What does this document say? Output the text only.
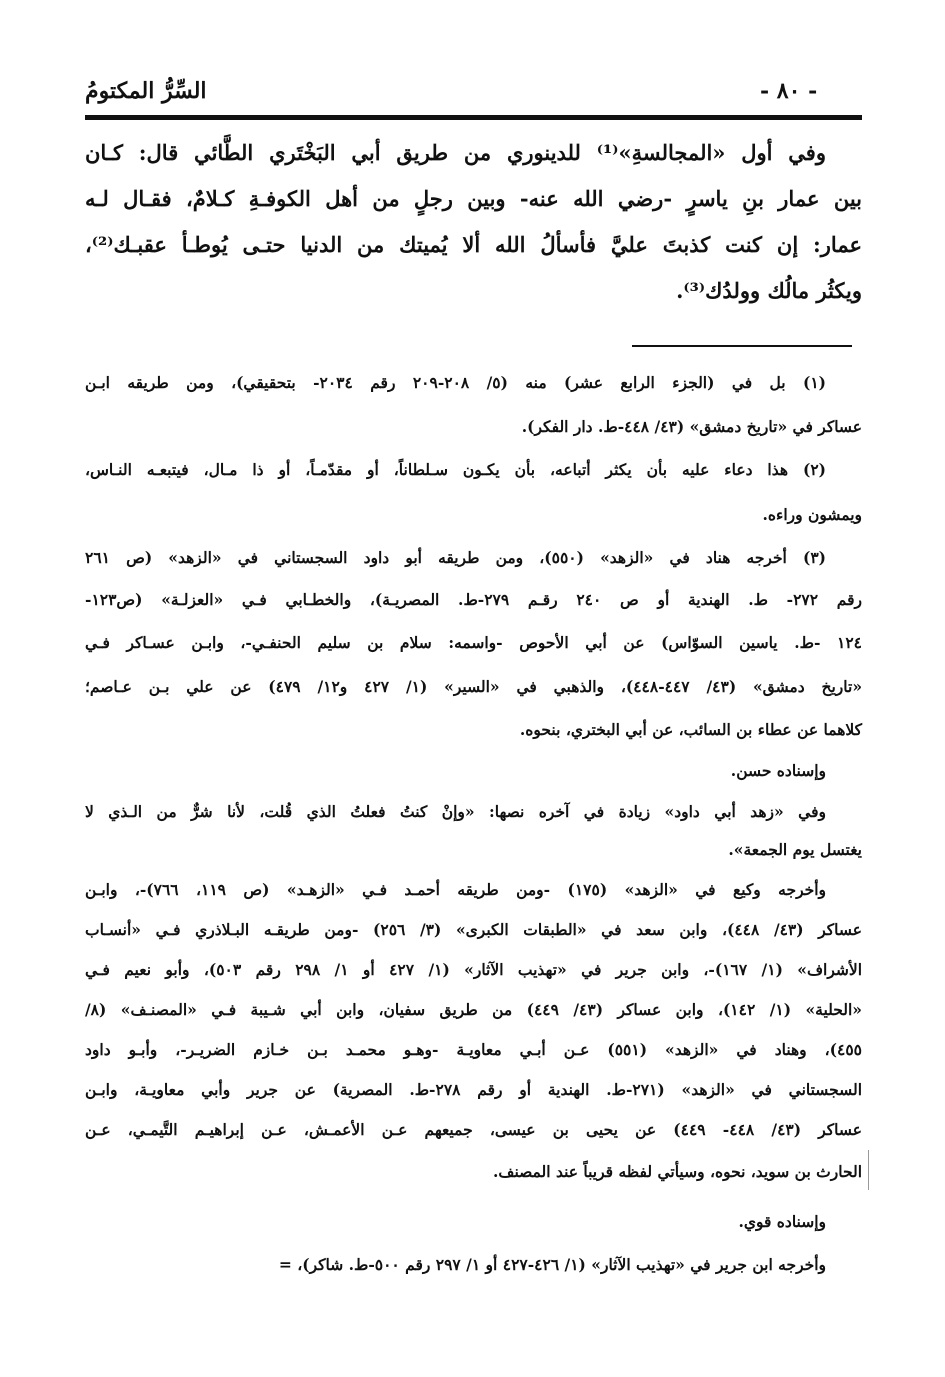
- ٨٠ -
السِّرُّ المكتومُ
وفي أول «المجالسةِ»⁽¹⁾ للدينوري من طريق أبي البَخْتَري الطَّائي قال: كـان
بين عمار بنِ ياسرٍ -رضي الله عنه- وبين رجلٍ من أهل الكوفـةِ كـلامٌ، فقـال لـه
عمار: إن كنت كذبتَ عليَّ فأسألُ الله ألا يُميتك من الدنيا حتـى يُوطـأ عقبـك⁽²⁾،
ويكثُر مالُك وولدُك⁽³⁾.
(١) بل في (الجزء الرابع عشر) منه (٥/ ٢٠٨-٢٠٩ رقم ٢٠٣٤- بتحقيقي)، ومن طريقه ابـن
عساكر في «تاريخ دمشق» (٤٣/ ٤٤٨-ط. دار الفكر).
(٢) هذا دعاء عليه بأن يكثر أتباعه، بأن يكـون سـلطاناً، أو مقدّمـاً، أو ذا مـال، فيتبعـه النـاس،
ويمشون وراءه.
(٣) أخرجه هناد في «الزهد» (٥٥٠)، ومن طريقه أبو داود السجستاني في «الزهد» (ص ٢٦١
رقم ٢٧٢- ط. الهندية أو ص ٢٤٠ رقـم ٢٧٩-ط. المصريـة)، والخطـابي فـي «العزلـة» (ص١٢٣-
١٢٤ -ط. ياسين السوّاس) عن أبي الأحوص -واسمه: سلام بن سليم الحنفـي-، وابـن عسـاكر فـي
«تاريخ دمشق» (٤٣/ ٤٤٧-٤٤٨)، والذهبي في «السير» (١/ ٤٢٧ و١٢/ ٤٧٩) عن علي بـن عـاصم؛
كلاهما عن عطاء بن السائب، عن أبي البختري، بنحوه.
وإسناده حسن.
وفي «زهد أبي داود» زيادة في آخره نصها: «وإنْ كنتُ فعلتُ الذي قُلت، لأنا شرٌّ من الـذي لا
يغتسل يوم الجمعة».
وأخرجه وكيع في «الزهد» (١٧٥) -ومن طريقه أحمـد فـي «الزهـد» (ص ١١٩، ٧٦٦)-، وابـن
عساكر (٤٣/ ٤٤٨)، وابن سعد في «الطبقات الكبرى» (٣/ ٢٥٦) -ومن طريقـه البـلاذري فـي «أنسـاب
الأشراف» (١/ ١٦٧)-، وابن جرير في «تهذيب الآثار» (١/ ٤٢٧ أو ١/ ٢٩٨ رقم ٥٠٣)، وأبو نعيم فـي
«الحلية» (١/ ١٤٢)، وابن عساكر (٤٣/ ٤٤٩) من طريق سفيان، وابن أبي شـيبة فـي «المصنـف» (٨/
٤٥٥)، وهناد في «الزهد» (٥٥١) عـن أبـي معاويـة -وهـو محمـد بـن خـازم الضريـر-، وأبـو داود
السجستاني في «الزهد» (٢٧١-ط. الهندية أو رقم ٢٧٨-ط. المصرية) عن جرير وأبي معاويـة، وابـن
عساكر (٤٣/ ٤٤٨- ٤٤٩) عن يحيى بن عيسى، جميعهم عـن الأعمـش، عـن إبراهيـم التَّيمـي، عـن
الحارث بن سويد، نحوه، وسيأتي لفظه قريباً عند المصنف.
وإسناده قوي.
وأخرجه ابن جرير في «تهذيب الآثار» (١/ ٤٢٦-٤٢٧ أو ١/ ٢٩٧ رقم ٥٠٠-ط. شاكر)، =
